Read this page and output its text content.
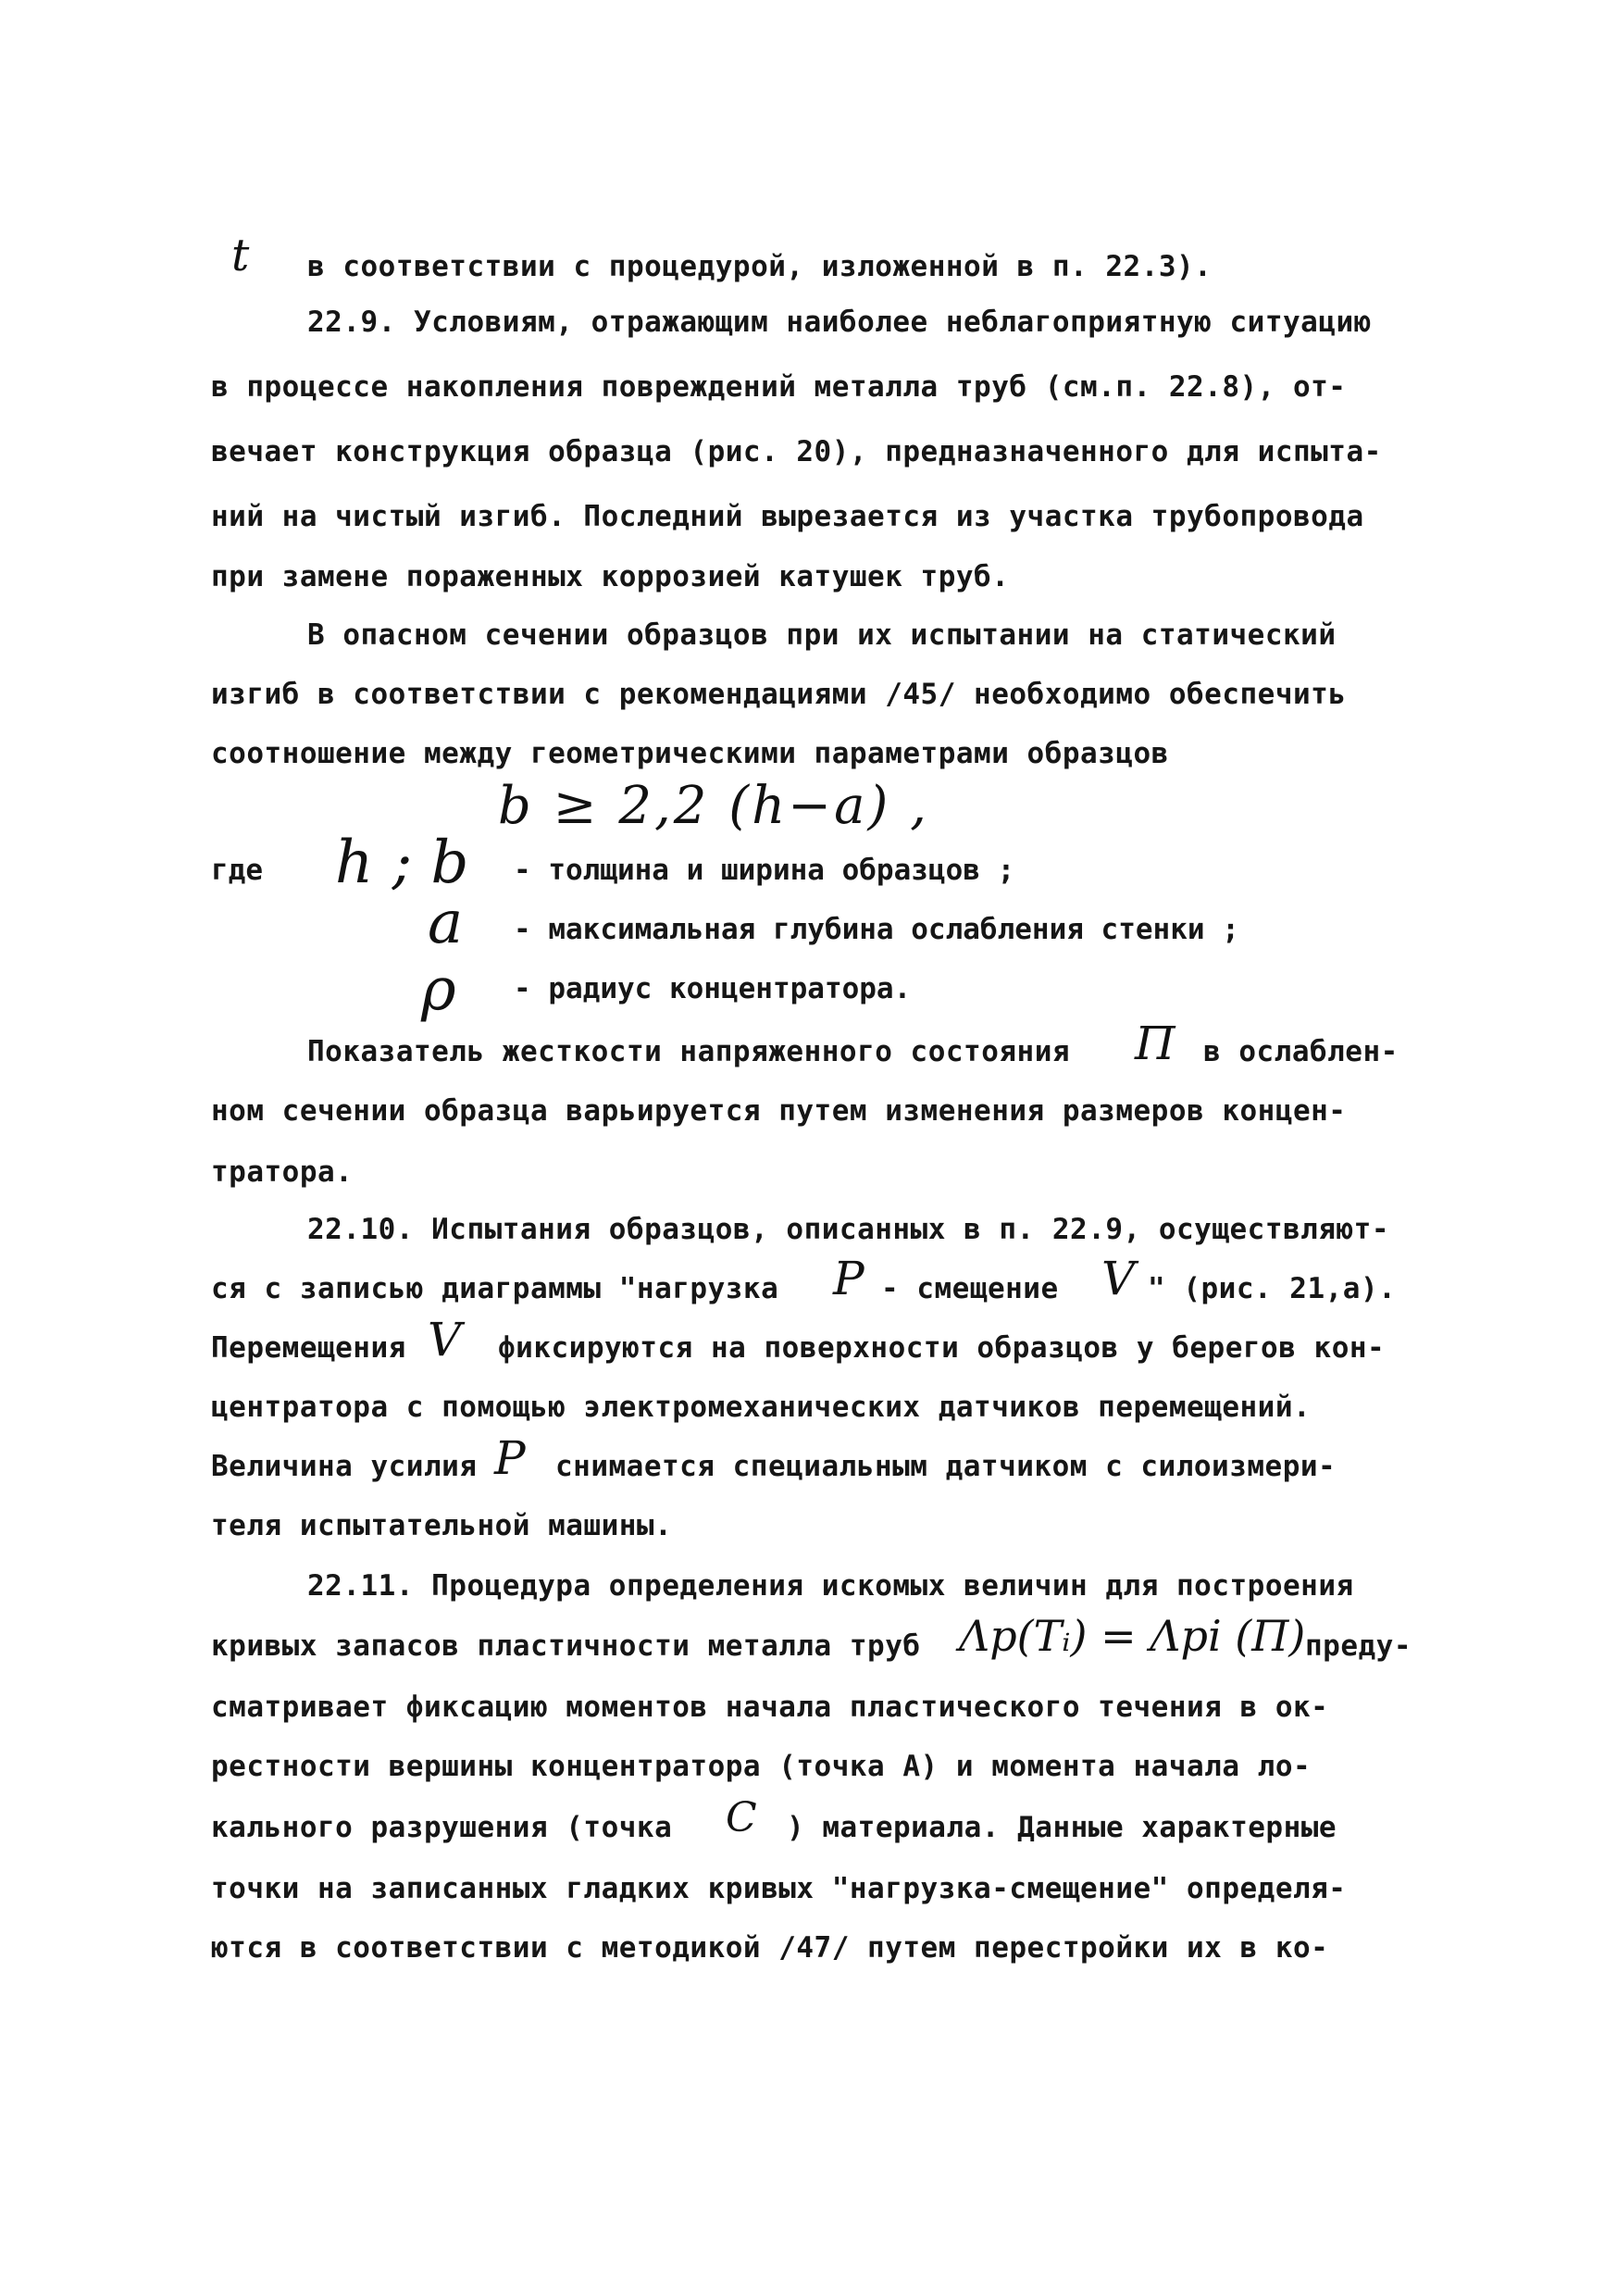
t в соответствии с процедурой, изложенной в п. 22.3).
22.9. Условиям, отражающим наиболее неблагоприятную ситуацию
в процессе накопления повреждений металла труб (см.п. 22.8), от-
вечает конструкция образца (рис. 20), предназначенного для испыта-
ний на чистый изгиб. Последний вырезается из участка трубопровода
при замене пораженных коррозией катушек труб.
В опасном сечении образцов при их испытании на статический
изгиб в соответствии с рекомендациями /45/ необходимо обеспечить
соотношение между геометрическими параметрами образцов
b ≥ 2,2 (h−a) ,
где h ; b - толщина и ширина образцов ;
a - максимальная глубина ослабления стенки ;
ρ - радиус концентратора.
Показатель жесткости напряженного состояния П в ослаблен-
ном сечении образца варьируется путем изменения размеров концен-
тратора.
22.10. Испытания образцов, описанных в п. 22.9, осуществляют-
ся с записью диаграммы "нагрузка P - смещение V " (рис. 21,а).
Перемещения V фиксируются на поверхности образцов у берегов кон-
центратора с помощью электромеханических датчиков перемещений.
Величина усилия P снимается специальным датчиком с силоизмери-
теля испытательной машины.
22.11. Процедура определения искомых величин для построения
кривых запасов пластичности металла труб Λp(Tᵢ) = Λpi (П) преду-
сматривает фиксацию моментов начала пластического течения в ок-
рестности вершины концентратора (точка А) и момента начала ло-
кального разрушения (точка C ) материала. Данные характерные
точки на записанных гладких кривых "нагрузка-смещение" определя-
ются в соответствии с методикой /47/ путем перестройки их в ко-
